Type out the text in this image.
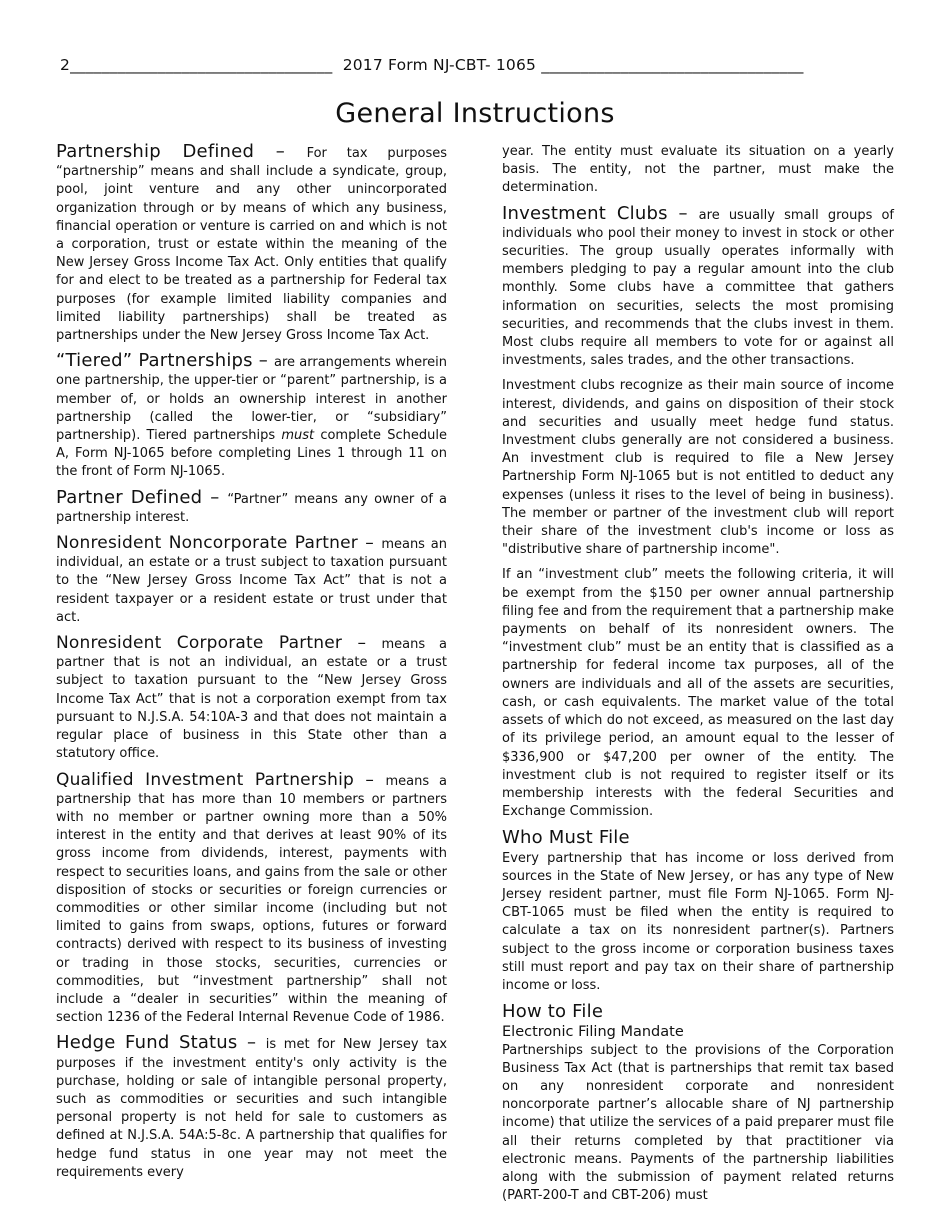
2_________________________________ 2017 Form NJ-CBT- 1065 _________________________________
General Instructions

Partnership Defined – For tax purposes “partnership” means and shall include a syndicate, group, pool, joint venture and any other unincorporated organization through or by means of which any business, financial operation or venture is carried on and which is not a corporation, trust or estate within the meaning of the New Jersey Gross Income Tax Act. Only entities that qualify for and elect to be treated as a partnership for Federal tax purposes (for example limited liability companies and limited liability partnerships) shall be treated as partnerships under the New Jersey Gross Income Tax Act.

“Tiered” Partnerships – are arrangements wherein one partnership, the upper-tier or “parent” partnership, is a member of, or holds an ownership interest in another partnership (called the lower-tier, or “subsidiary” partnership). Tiered partnerships must complete Schedule A, Form NJ-1065 before completing Lines 1 through 11 on the front of Form NJ-1065.

Partner Defined – “Partner” means any owner of a partnership interest.

Nonresident Noncorporate Partner – means an individual, an estate or a trust subject to taxation pursuant to the “New Jersey Gross Income Tax Act” that is not a resident taxpayer or a resident estate or trust under that act.

Nonresident Corporate Partner – means a partner that is not an individual, an estate or a trust subject to taxation pursuant to the “New Jersey Gross Income Tax Act” that is not a corporation exempt from tax pursuant to N.J.S.A. 54:10A-3 and that does not maintain a regular place of business in this State other than a statutory office.

Qualified Investment Partnership – means a partnership that has more than 10 members or partners with no member or partner owning more than a 50% interest in the entity and that derives at least 90% of its gross income from dividends, interest, payments with respect to securities loans, and gains from the sale or other disposition of stocks or securities or foreign currencies or commodities or other similar income (including but not limited to gains from swaps, options, futures or forward contracts) derived with respect to its business of investing or trading in those stocks, securities, currencies or commodities, but “investment partnership” shall not include a “dealer in securities” within the meaning of section 1236 of the Federal Internal Revenue Code of 1986.

Hedge Fund Status – is met for New Jersey tax purposes if the investment entity's only activity is the purchase, holding or sale of intangible personal property, such as commodities or securities and such intangible personal property is not held for sale to customers as defined at N.J.S.A. 54A:5-8c. A partnership that qualifies for hedge fund status in one year may not meet the requirements every

year. The entity must evaluate its situation on a yearly basis. The entity, not the partner, must make the determination.

Investment Clubs – are usually small groups of individuals who pool their money to invest in stock or other securities. The group usually operates informally with members pledging to pay a regular amount into the club monthly. Some clubs have a committee that gathers information on securities, selects the most promising securities, and recommends that the clubs invest in them. Most clubs require all members to vote for or against all investments, sales trades, and the other transactions.

Investment clubs recognize as their main source of income interest, dividends, and gains on disposition of their stock and securities and usually meet hedge fund status. Investment clubs generally are not considered a business. An investment club is required to file a New Jersey Partnership Form NJ-1065 but is not entitled to deduct any expenses (unless it rises to the level of being in business). The member or partner of the investment club will report their share of the investment club's income or loss as "distributive share of partnership income".

If an “investment club” meets the following criteria, it will be exempt from the $150 per owner annual partnership filing fee and from the requirement that a partnership make payments on behalf of its nonresident owners. The “investment club” must be an entity that is classified as a partnership for federal income tax purposes, all of the owners are individuals and all of the assets are securities, cash, or cash equivalents. The market value of the total assets of which do not exceed, as measured on the last day of its privilege period, an amount equal to the lesser of $336,900 or $47,200 per owner of the entity. The investment club is not required to register itself or its membership interests with the federal Securities and Exchange Commission.

Who Must File

Every partnership that has income or loss derived from sources in the State of New Jersey, or has any type of New Jersey resident partner, must file Form NJ-1065. Form NJ-CBT-1065 must be filed when the entity is required to calculate a tax on its nonresident partner(s). Partners subject to the gross income or corporation business taxes still must report and pay tax on their share of partnership income or loss.

How to File
Electronic Filing Mandate

Partnerships subject to the provisions of the Corporation Business Tax Act (that is partnerships that remit tax based on any nonresident corporate and nonresident noncorporate partner’s allocable share of NJ partnership income) that utilize the services of a paid preparer must file all their returns completed by that practitioner via electronic means. Payments of the partnership liabilities along with the submission of payment related returns (PART-200-T and CBT-206) must
